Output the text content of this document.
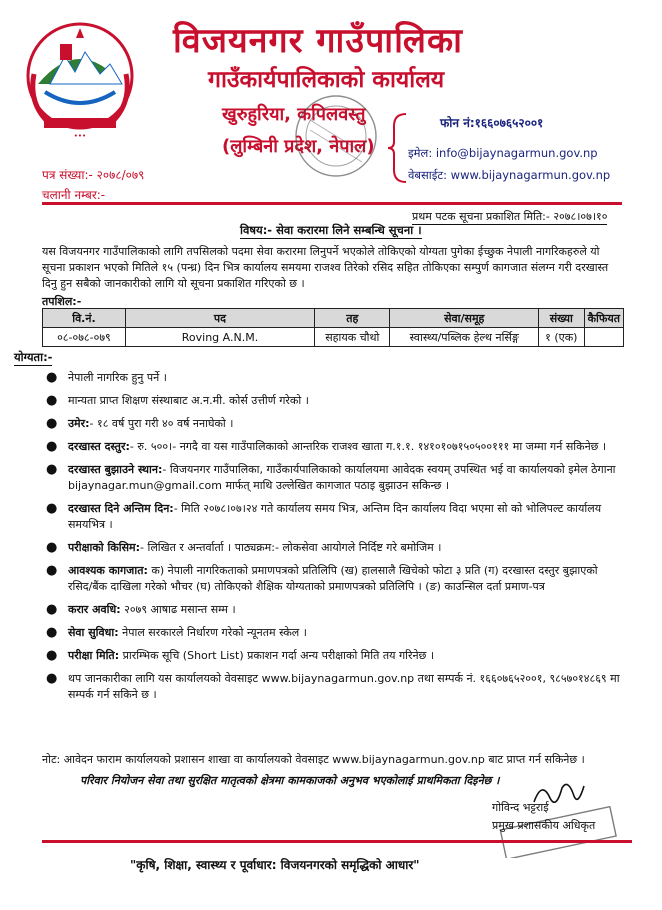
•••
विजयनगर गाउँपालिका
गाउँकार्यपालिकाको कार्यालय
खुरुहुरिया, कपिलवस्तु
(लुम्बिनी प्रदेश, नेपाल)
फोन नं:१६६०७६५२००१
इमेल: info@bijaynagarmun.gov.np
वेबसाईट: www.bijaynagarmun.gov.np
पत्र संख्या:- २०७८/०७९
चलानी नम्बर:-
प्रथम पटक सूचना प्रकाशित मिति:- २०७८।०७।१०
विषय:- सेवा करारमा लिने सम्बन्धि सूचना ।
यस विजयनगर गाउँपालिकाको लागि तपसिलको पदमा सेवा करारमा लिनुपर्ने भएकोले तोकिएको योग्यता पुगेका ईच्छुक नेपाली नागरिकहरुले यो सूचना प्रकाशन भएको मितिले १५ (पन्ध्र) दिन भित्र कार्यालय समयमा राजश्व तिरेको रसिद सहित तोकिएका सम्पुर्ण कागजात संलग्न गरी दरखास्त दिनु हुन सबैको जानकारीको लागि यो सूचना प्रकाशित गरिएको छ ।
तपशिल:-
वि.नं.	पद	तह	सेवा/समूह	संख्या	कैफियत
०८-०७८-०७९	Roving A.N.M.	सहायक चौथो	स्वास्थ्य/पब्लिक हेल्थ नर्सिङ्ग	१ (एक)	
योग्यता:-
● नेपाली नागरिक हुनु पर्ने ।
● मान्यता प्राप्त शिक्षण संस्थाबाट अ.न.मी. कोर्स उत्तीर्ण गरेको ।
● उमेर:- १८ वर्ष पुरा गरी ४० वर्ष ननाघेको ।
● दरखास्त दस्तुर:- रु. ५००।- नगदै वा यस गाउँपालिकाको आन्तरिक राजश्व खाता ग.१.१. १४१०१०७१५०५००१११ मा जम्मा गर्न सकिनेछ ।
● दरखास्त बुझाउने स्थान:- विजयनगर गाउँपालिका, गाउँकार्यपालिकाको कार्यालयमा आवेदक स्वयम् उपस्थित भई वा कार्यालयको इमेल ठेगाना bijaynagar.mun@gmail.com मार्फत् माथि उल्लेखित कागजात पठाइ बुझाउन सकिन्छ ।
● दरखास्त दिने अन्तिम दिन:- मिति २०७८।०७।२४ गते कार्यालय समय भित्र, अन्तिम दिन कार्यालय विदा भएमा सो को भोलिपल्ट कार्यालय समयभित्र ।
● परीक्षाको किसिम:- लिखित र अन्तर्वार्ता । पाठ्यक्रम:- लोकसेवा आयोगले निर्दिष्ट गरे बमोजिम ।
● आवश्यक कागजात: क) नेपाली नागरिकताको प्रमाणपत्रको प्रतिलिपि (ख) हालसालै खिचेको फोटा ३ प्रति (ग) दरखास्त दस्तुर बुझाएको रसिद/बैंक दाखिला गरेको भौचर (घ) तोकिएको शैक्षिक योग्यताको प्रमाणपत्रको प्रतिलिपि । (ङ) काउन्सिल दर्ता प्रमाण-पत्र
● करार अवधि: २०७९ आषाढ मसान्त सम्म ।
● सेवा सुविधा: नेपाल सरकारले निर्धारण गरेको न्यूनतम स्केल ।
● परीक्षा मिति: प्रारम्भिक सूचि (Short List) प्रकाशन गर्दा अन्य परीक्षाको मिति तय गरिनेछ ।
● थप जानकारीका लागि यस कार्यालयको वेवसाइट www.bijaynagarmun.gov.np तथा सम्पर्क नं. १६६०७६५२००१, ९८५७०१४८६९ मा सम्पर्क गर्न सकिने छ ।
नोट: आवेदन फाराम कार्यालयको प्रशासन शाखा वा कार्यालयको वेवसाइट www.bijaynagarmun.gov.np बाट प्राप्त गर्न सकिनेछ ।
परिवार नियोजन सेवा तथा सुरक्षित मातृत्वको क्षेत्रमा कामकाजको अनुभव भएकोलाई प्राथमिकता दिइनेछ ।
गोविन्द भट्टराई
प्रमुख प्रशासकीय अधिकृत
"कृषि, शिक्षा, स्वास्थ्य र पूर्वाधार: विजयनगरको समृद्धिको आधार"
